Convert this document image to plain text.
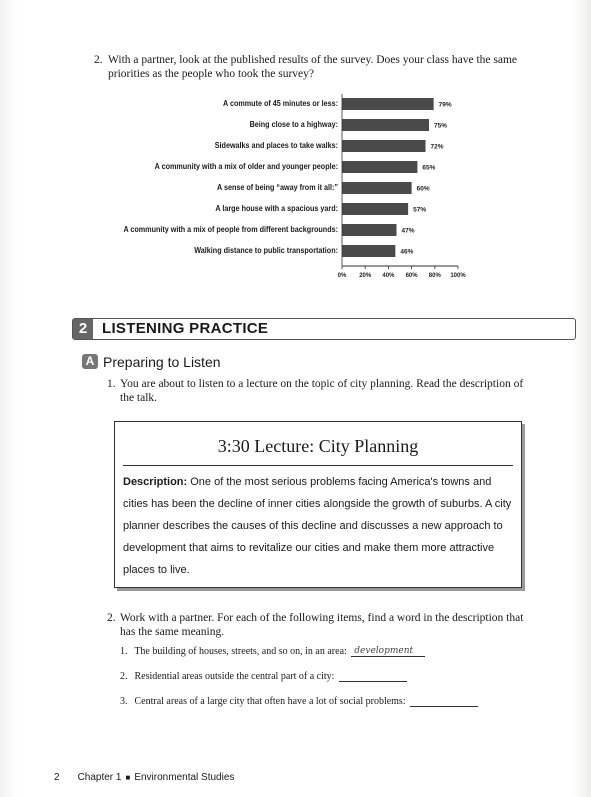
2. With a partner, look at the published results of the survey. Does your class have the same priorities as the people who took the survey?
A commute of 45 minutes or less:
Being close to a highway:
Sidewalks and places to take walks:
A community with a mix of older and younger people:
A sense of being “away from it all:”
A large house with a spacious yard:
A community with a mix of people from different backgrounds:
Walking distance to public transportation:
79%
75%
72%
65%
60%
57%
47%
46%
0% 20% 40% 60% 80% 100%
2 LISTENING PRACTICE
A Preparing to Listen
1. You are about to listen to a lecture on the topic of city planning. Read the description of the talk.
3:30 Lecture: City Planning
Description: One of the most serious problems facing America's towns and cities has been the decline of inner cities alongside the growth of suburbs. A city planner describes the causes of this decline and discusses a new approach to development that aims to revitalize our cities and make them more attractive places to live.
2. Work with a partner. For each of the following items, find a word in the description that has the same meaning.
1. The building of houses, streets, and so on, in an area: development
2. Residential areas outside the central part of a city:
3. Central areas of a large city that often have a lot of social problems:
2 Chapter 1 ■ Environmental Studies
